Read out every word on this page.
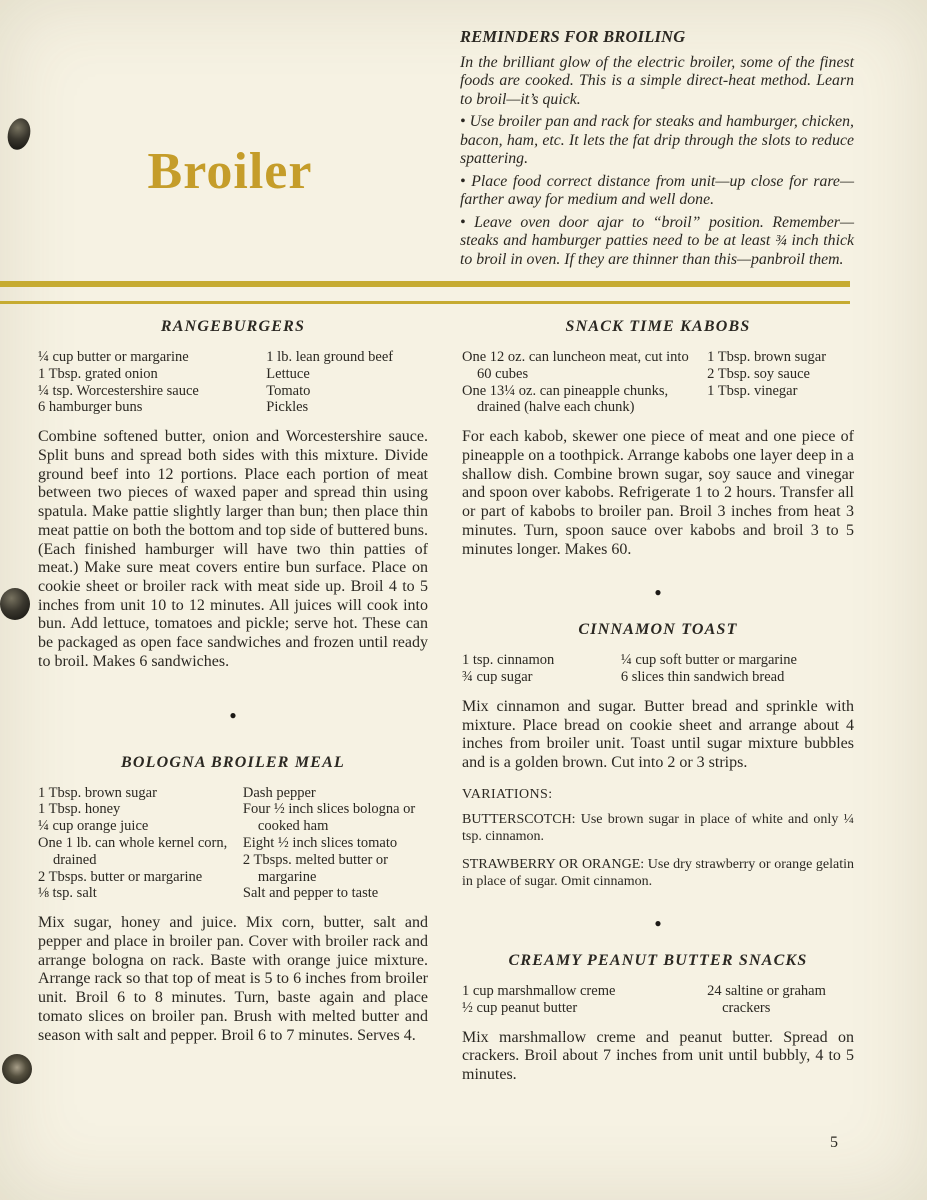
Broiler
REMINDERS FOR BROILING

In the brilliant glow of the electric broiler, some of the finest foods are cooked. This is a simple direct-heat method. Learn to broil—it’s quick.

• Use broiler pan and rack for steaks and hamburger, chicken, bacon, ham, etc. It lets the fat drip through the slots to reduce spattering.

• Place food correct distance from unit—up close for rare—farther away for medium and well done.

• Leave oven door ajar to “broil” position. Remember—steaks and hamburger patties need to be at least ¾ inch thick to broil in oven. If they are thinner than this—panbroil them.

RANGEBURGERS
¼ cup butter or margarine
1 Tbsp. grated onion
¼ tsp. Worcestershire sauce
6 hamburger buns
1 lb. lean ground beef
Lettuce
Tomato
Pickles

Combine softened butter, onion and Worcestershire sauce. Split buns and spread both sides with this mixture. Divide ground beef into 12 portions. Place each portion of meat between two pieces of waxed paper and spread thin using spatula. Make pattie slightly larger than bun; then place thin meat pattie on both the bottom and top side of buttered buns. (Each finished hamburger will have two thin patties of meat.) Make sure meat covers entire bun surface. Place on cookie sheet or broiler rack with meat side up. Broil 4 to 5 inches from unit 10 to 12 minutes. All juices will cook into bun. Add lettuce, tomatoes and pickle; serve hot. These can be packaged as open face sandwiches and frozen until ready to broil. Makes 6 sandwiches.

●
BOLOGNA BROILER MEAL
1 Tbsp. brown sugar
1 Tbsp. honey
¼ cup orange juice
One 1 lb. can whole kernel corn, drained
2 Tbsps. butter or margarine
⅛ tsp. salt
Dash pepper
Four ½ inch slices bologna or cooked ham
Eight ½ inch slices tomato
2 Tbsps. melted butter or margarine
Salt and pepper to taste

Mix sugar, honey and juice. Mix corn, butter, salt and pepper and place in broiler pan. Cover with broiler rack and arrange bologna on rack. Baste with orange juice mixture. Arrange rack so that top of meat is 5 to 6 inches from broiler unit. Broil 6 to 8 minutes. Turn, baste again and place tomato slices on broiler pan. Brush with melted butter and season with salt and pepper. Broil 6 to 7 minutes. Serves 4.

SNACK TIME KABOBS
One 12 oz. can luncheon meat, cut into 60 cubes
One 13¼ oz. can pineapple chunks, drained (halve each chunk)
1 Tbsp. brown sugar
2 Tbsp. soy sauce
1 Tbsp. vinegar

For each kabob, skewer one piece of meat and one piece of pineapple on a toothpick. Arrange kabobs one layer deep in a shallow dish. Combine brown sugar, soy sauce and vinegar and spoon over kabobs. Refrigerate 1 to 2 hours. Transfer all or part of kabobs to broiler pan. Broil 3 inches from heat 3 minutes. Turn, spoon sauce over kabobs and broil 3 to 5 minutes longer. Makes 60.

●
CINNAMON TOAST
1 tsp. cinnamon
¾ cup sugar
¼ cup soft butter or margarine
6 slices thin sandwich bread

Mix cinnamon and sugar. Butter bread and sprinkle with mixture. Place bread on cookie sheet and arrange about 4 inches from broiler unit. Toast until sugar mixture bubbles and is a golden brown. Cut into 2 or 3 strips.

VARIATIONS:

BUTTERSCOTCH: Use brown sugar in place of white and only ¼ tsp. cinnamon.

STRAWBERRY OR ORANGE: Use dry strawberry or orange gelatin in place of sugar. Omit cinnamon.

●
CREAMY PEANUT BUTTER SNACKS
1 cup marshmallow creme
½ cup peanut butter
24 saltine or graham crackers

Mix marshmallow creme and peanut butter. Spread on crackers. Broil about 7 inches from unit until bubbly, 4 to 5 minutes.

5
